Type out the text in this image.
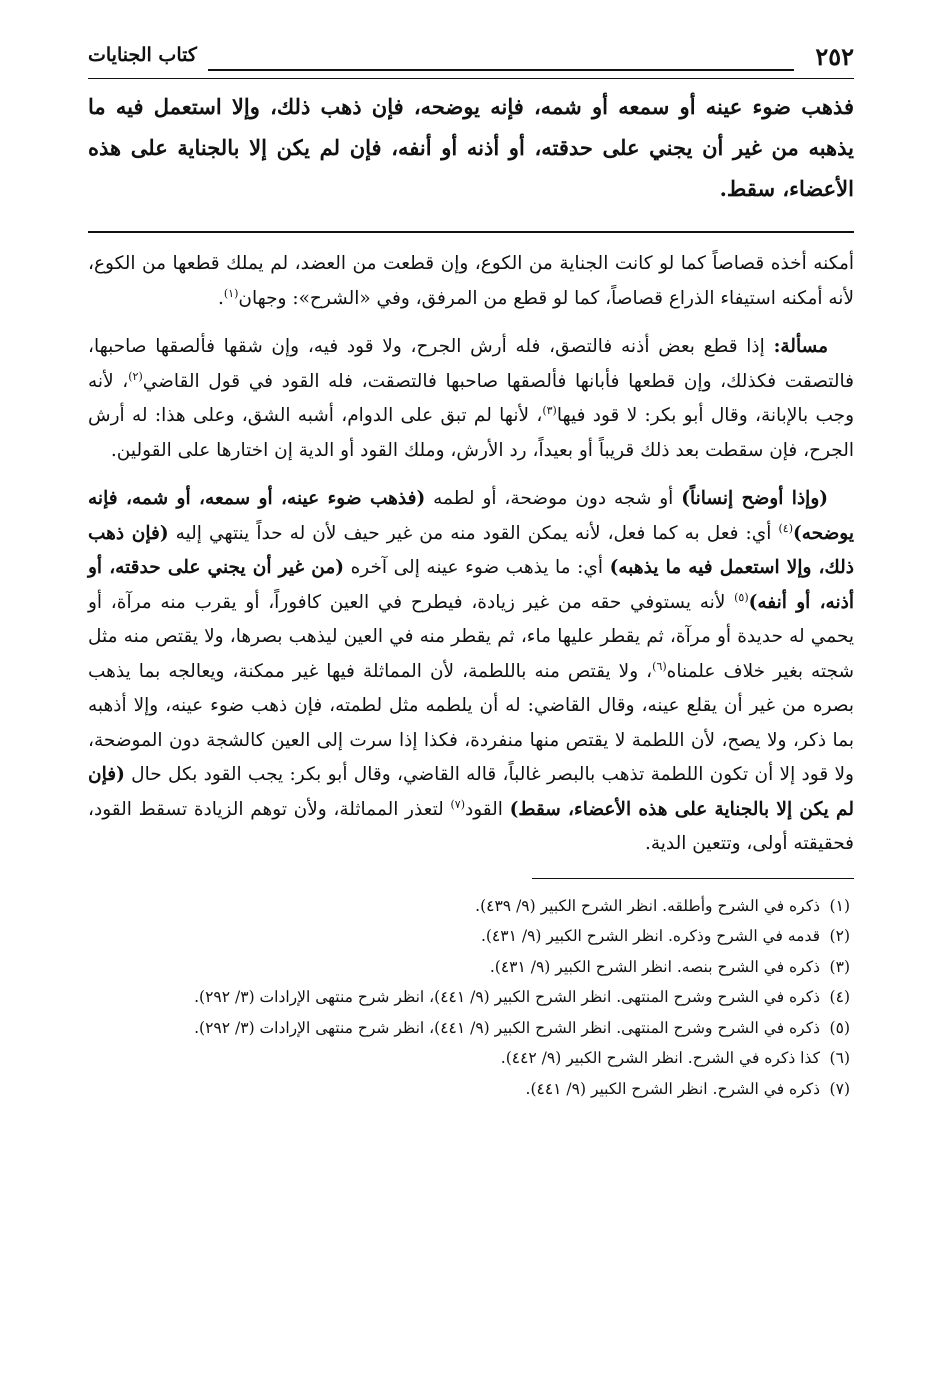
٢٥٢
كتاب الجنايات

فذهب ضوء عينه أو سمعه أو شمه، فإنه يوضحه، فإن ذهب ذلك، وإلا استعمل فيه ما يذهبه من غير أن يجني على حدقته، أو أذنه أو أنفه، فإن لم يكن إلا بالجناية على هذه الأعضاء، سقط.

أمكنه أخذه قصاصاً كما لو كانت الجناية من الكوع، وإن قطعت من العضد، لم يملك قطعها من الكوع، لأنه أمكنه استيفاء الذراع قصاصاً، كما لو قطع من المرفق، وفي «الشرح»: وجهان$^{(١)}$.

مسألة: إذا قطع بعض أذنه فالتصق، فله أرش الجرح، ولا قود فيه، وإن شقها فألصقها صاحبها، فالتصقت فكذلك، وإن قطعها فأبانها فألصقها صاحبها فالتصقت، فله القود في قول القاضي$^{(٢)}$، لأنه وجب بالإبانة، وقال أبو بكر: لا قود فيها$^{(٣)}$، لأنها لم تبق على الدوام، أشبه الشق، وعلى هذا: له أرش الجرح، فإن سقطت بعد ذلك قريباً أو بعيداً، رد الأرش، وملك القود أو الدية إن اختارها على القولين.

(وإذا أوضح إنساناً) أو شجه دون موضحة، أو لطمه (فذهب ضوء عينه، أو سمعه، أو شمه، فإنه يوضحه)$^{(٤)}$ أي: فعل به كما فعل، لأنه يمكن القود منه من غير حيف لأن له حداً ينتهي إليه (فإن ذهب ذلك، وإلا استعمل فيه ما يذهبه) أي: ما يذهب ضوء عينه إلى آخره (من غير أن يجني على حدقته، أو أذنه، أو أنفه)$^{(٥)}$ لأنه يستوفي حقه من غير زيادة، فيطرح في العين كافوراً، أو يقرب منه مرآة، أو يحمي له حديدة أو مرآة، ثم يقطر عليها ماء، ثم يقطر منه في العين ليذهب بصرها، ولا يقتص منه مثل شجته بغير خلاف علمناه$^{(٦)}$، ولا يقتص منه باللطمة، لأن المماثلة فيها غير ممكنة، ويعالجه بما يذهب بصره من غير أن يقلع عينه، وقال القاضي: له أن يلطمه مثل لطمته، فإن ذهب ضوء عينه، وإلا أذهبه بما ذكر، ولا يصح، لأن اللطمة لا يقتص منها منفردة، فكذا إذا سرت إلى العين كالشجة دون الموضحة، ولا قود إلا أن تكون اللطمة تذهب بالبصر غالباً، قاله القاضي، وقال أبو بكر: يجب القود بكل حال (فإن لم يكن إلا بالجناية على هذه الأعضاء، سقط) القود$^{(٧)}$ لتعذر المماثلة، ولأن توهم الزيادة تسقط القود، فحقيقته أولى، وتتعين الدية.

(١)ذكره في الشرح وأطلقه. انظر الشرح الكبير (٩/ ٤٣٩).
(٢)قدمه في الشرح وذكره. انظر الشرح الكبير (٩/ ٤٣١).
(٣)ذكره في الشرح بنصه. انظر الشرح الكبير (٩/ ٤٣١).
(٤)ذكره في الشرح وشرح المنتهى. انظر الشرح الكبير (٩/ ٤٤١)، انظر شرح منتهى الإرادات (٣/ ٢٩٢).
(٥)ذكره في الشرح وشرح المنتهى. انظر الشرح الكبير (٩/ ٤٤١)، انظر شرح منتهى الإرادات (٣/ ٢٩٢).
(٦)كذا ذكره في الشرح. انظر الشرح الكبير (٩/ ٤٤٢).
(٧)ذكره في الشرح. انظر الشرح الكبير (٩/ ٤٤١).
